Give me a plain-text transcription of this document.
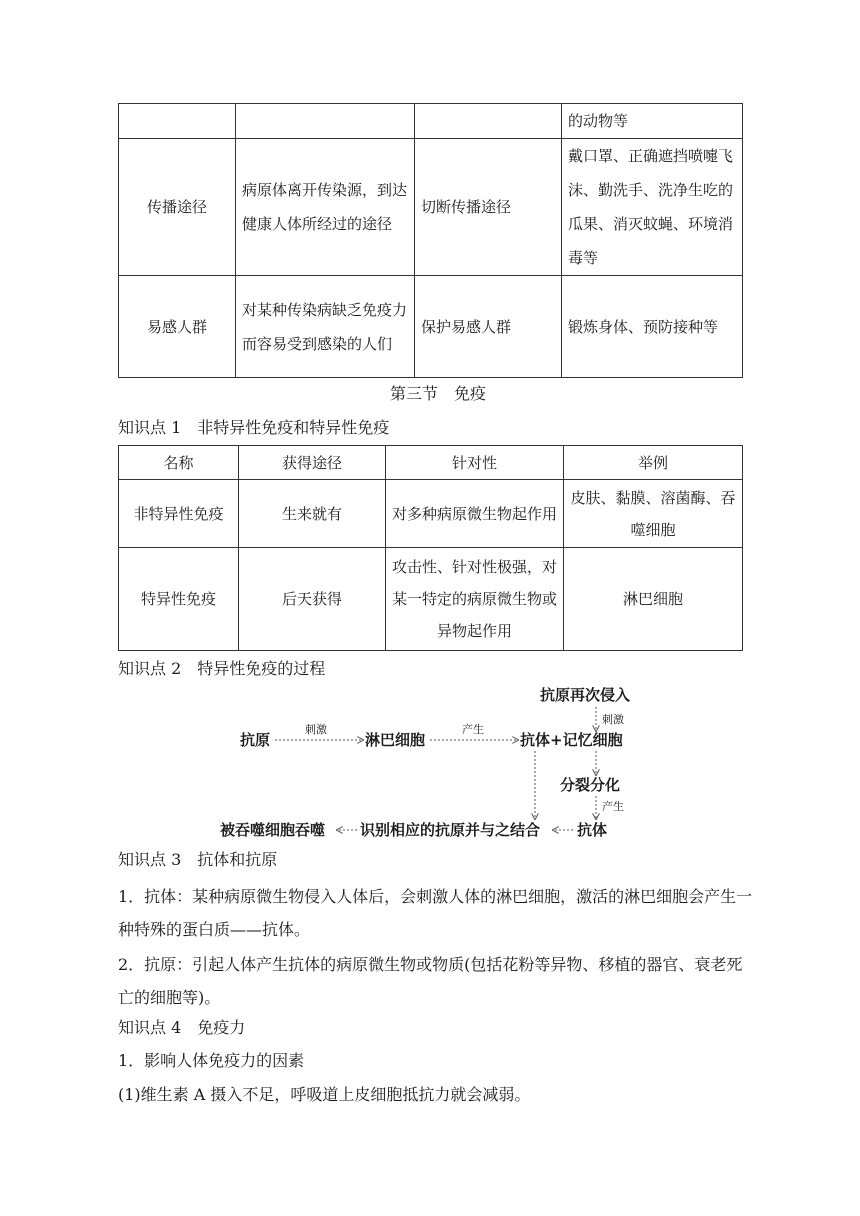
			的动物等
传播途径	病原体离开传染源，到达健康人体所经过的途径	切断传播途径	戴口罩、正确遮挡喷嚏飞沫、勤洗手、洗净生吃的瓜果、消灭蚊蝇、环境消毒等
易感人群	对某种传染病缺乏免疫力而容易受到感染的人们	保护易感人群	锻炼身体、预防接种等
第三节　免疫
知识点 1　非特异性免疫和特异性免疫
名称	获得途径	针对性	举例
非特异性免疫	生来就有	对多种病原微生物起作用	皮肤、黏膜、溶菌酶、吞噬细胞
特异性免疫	后天获得	攻击性、针对性极强，对某一特定的病原微生物或异物起作用	淋巴细胞
知识点 2　特异性免疫的过程
抗原再次侵入
刺激
抗原
刺激
淋巴细胞
产生
抗体+记忆细胞
分裂分化
产生
抗体
识别相应的抗原并与之结合
被吞噬细胞吞噬
知识点 3　抗体和抗原
1．抗体：某种病原微生物侵入人体后，会刺激人体的淋巴细胞，激活的淋巴细胞会产生一种特殊的蛋白质——抗体。
2．抗原：引起人体产生抗体的病原微生物或物质(包括花粉等异物、移植的器官、衰老死亡的细胞等)。
知识点 4　免疫力
1．影响人体免疫力的因素
(1)维生素 A 摄入不足，呼吸道上皮细胞抵抗力就会减弱。
